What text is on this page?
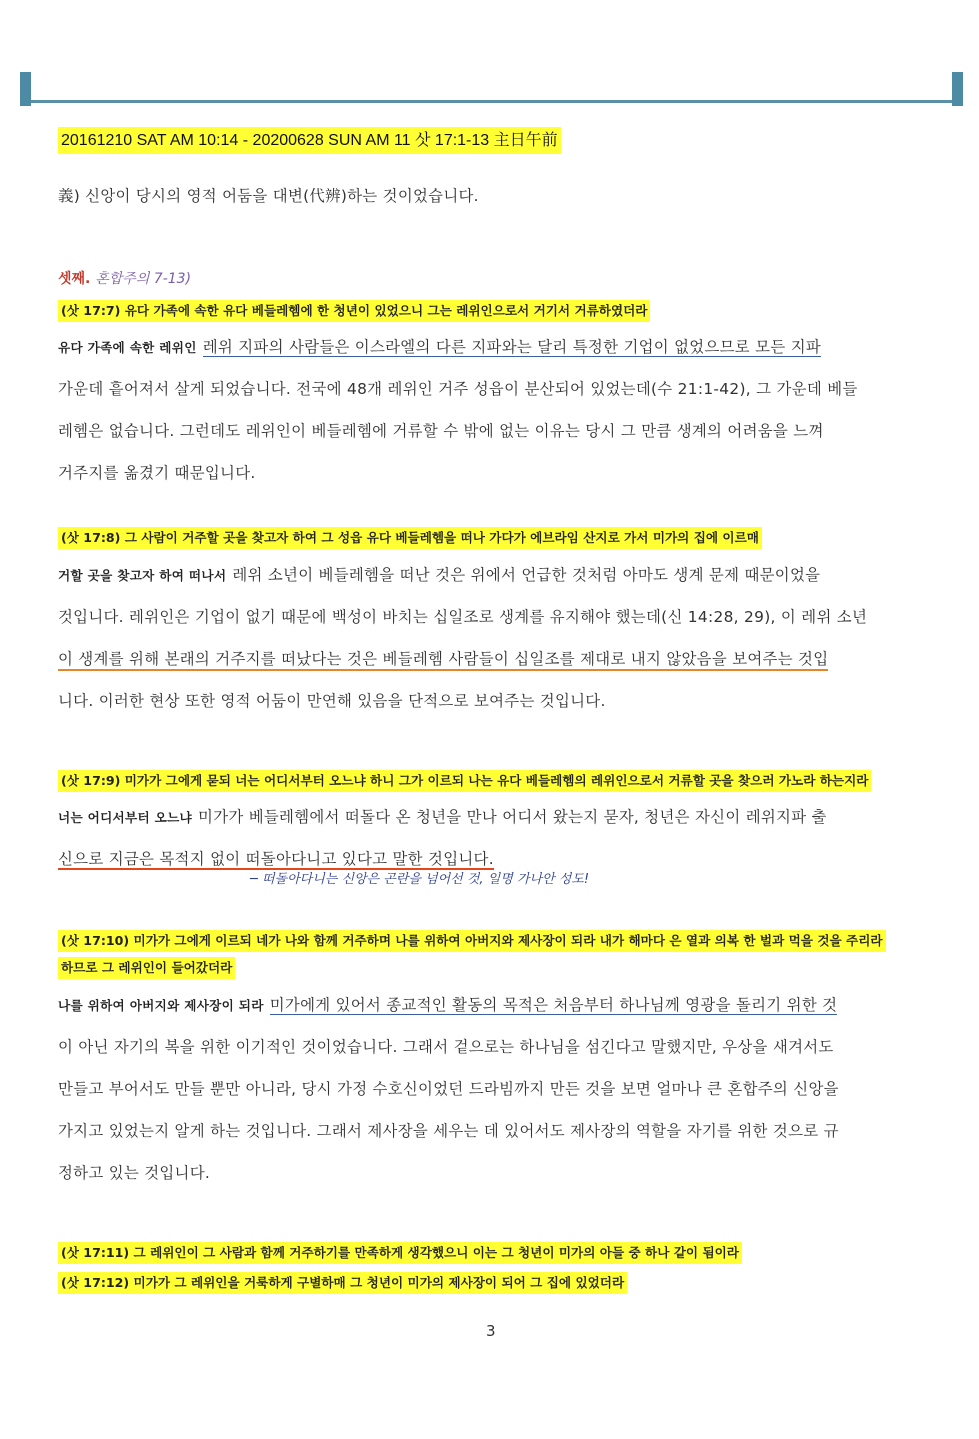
20161210 SAT AM 10:14 - 20200628 SUN AM 11 삿 17:1-13 主日午前
義) 신앙이 당시의 영적 어둠을 대변(代辨)하는 것이었습니다.
셋째. 혼합주의 7-13)
(삿 17:7) 유다 가족에 속한 유다 베들레헴에 한 청년이 있었으니 그는 레위인으로서 거기서 거류하였더라
유다 가족에 속한 레위인 레위 지파의 사람들은 이스라엘의 다른 지파와는 달리 특정한 기업이 없었으므로 모든 지파
가운데 흩어져서 살게 되었습니다. 전국에 48개 레위인 거주 성읍이 분산되어 있었는데(수 21:1-42), 그 가운데 베들
레헴은 없습니다. 그런데도 레위인이 베들레헴에 거류할 수 밖에 없는 이유는 당시 그 만큼 생계의 어려움을 느껴
거주지를 옮겼기 때문입니다.
(삿 17:8) 그 사람이 거주할 곳을 찾고자 하여 그 성읍 유다 베들레헴을 떠나 가다가 에브라임 산지로 가서 미가의 집에 이르매
거할 곳을 찾고자 하여 떠나서 레위 소년이 베들레헴을 떠난 것은 위에서 언급한 것처럼 아마도 생계 문제 때문이었을
것입니다. 레위인은 기업이 없기 때문에 백성이 바치는 십일조로 생계를 유지해야 했는데(신 14:28, 29), 이 레위 소년
이 생계를 위해 본래의 거주지를 떠났다는 것은 베들레헴 사람들이 십일조를 제대로 내지 않았음을 보여주는 것입
니다. 이러한 현상 또한 영적 어둠이 만연해 있음을 단적으로 보여주는 것입니다.
(삿 17:9) 미가가 그에게 묻되 너는 어디서부터 오느냐 하니 그가 이르되 나는 유다 베들레헴의 레위인으로서 거류할 곳을 찾으러 가노라 하는지라
너는 어디서부터 오느냐 미가가 베들레헴에서 떠돌다 온 청년을 만나 어디서 왔는지 묻자, 청년은 자신이 레위지파 출
신으로 지금은 목적지 없이 떠돌아다니고 있다고 말한 것입니다.
─ 떠돌아다니는 신앙은 곤란을 넘어선 것, 일명 가나안 성도!
(삿 17:10) 미가가 그에게 이르되 네가 나와 함께 거주하며 나를 위하여 아버지와 제사장이 되라 내가 해마다 은 열과 의복 한 벌과 먹을 것을 주리라
하므로 그 레위인이 들어갔더라
나를 위하여 아버지와 제사장이 되라 미가에게 있어서 종교적인 활동의 목적은 처음부터 하나님께 영광을 돌리기 위한 것
이 아닌 자기의 복을 위한 이기적인 것이었습니다. 그래서 겉으로는 하나님을 섬긴다고 말했지만, 우상을 새겨서도
만들고 부어서도 만들 뿐만 아니라, 당시 가정 수호신이었던 드라빔까지 만든 것을 보면 얼마나 큰 혼합주의 신앙을
가지고 있었는지 알게 하는 것입니다. 그래서 제사장을 세우는 데 있어서도 제사장의 역할을 자기를 위한 것으로 규
정하고 있는 것입니다.
(삿 17:11) 그 레위인이 그 사람과 함께 거주하기를 만족하게 생각했으니 이는 그 청년이 미가의 아들 중 하나 같이 됨이라
(삿 17:12) 미가가 그 레위인을 거룩하게 구별하매 그 청년이 미가의 제사장이 되어 그 집에 있었더라
3
